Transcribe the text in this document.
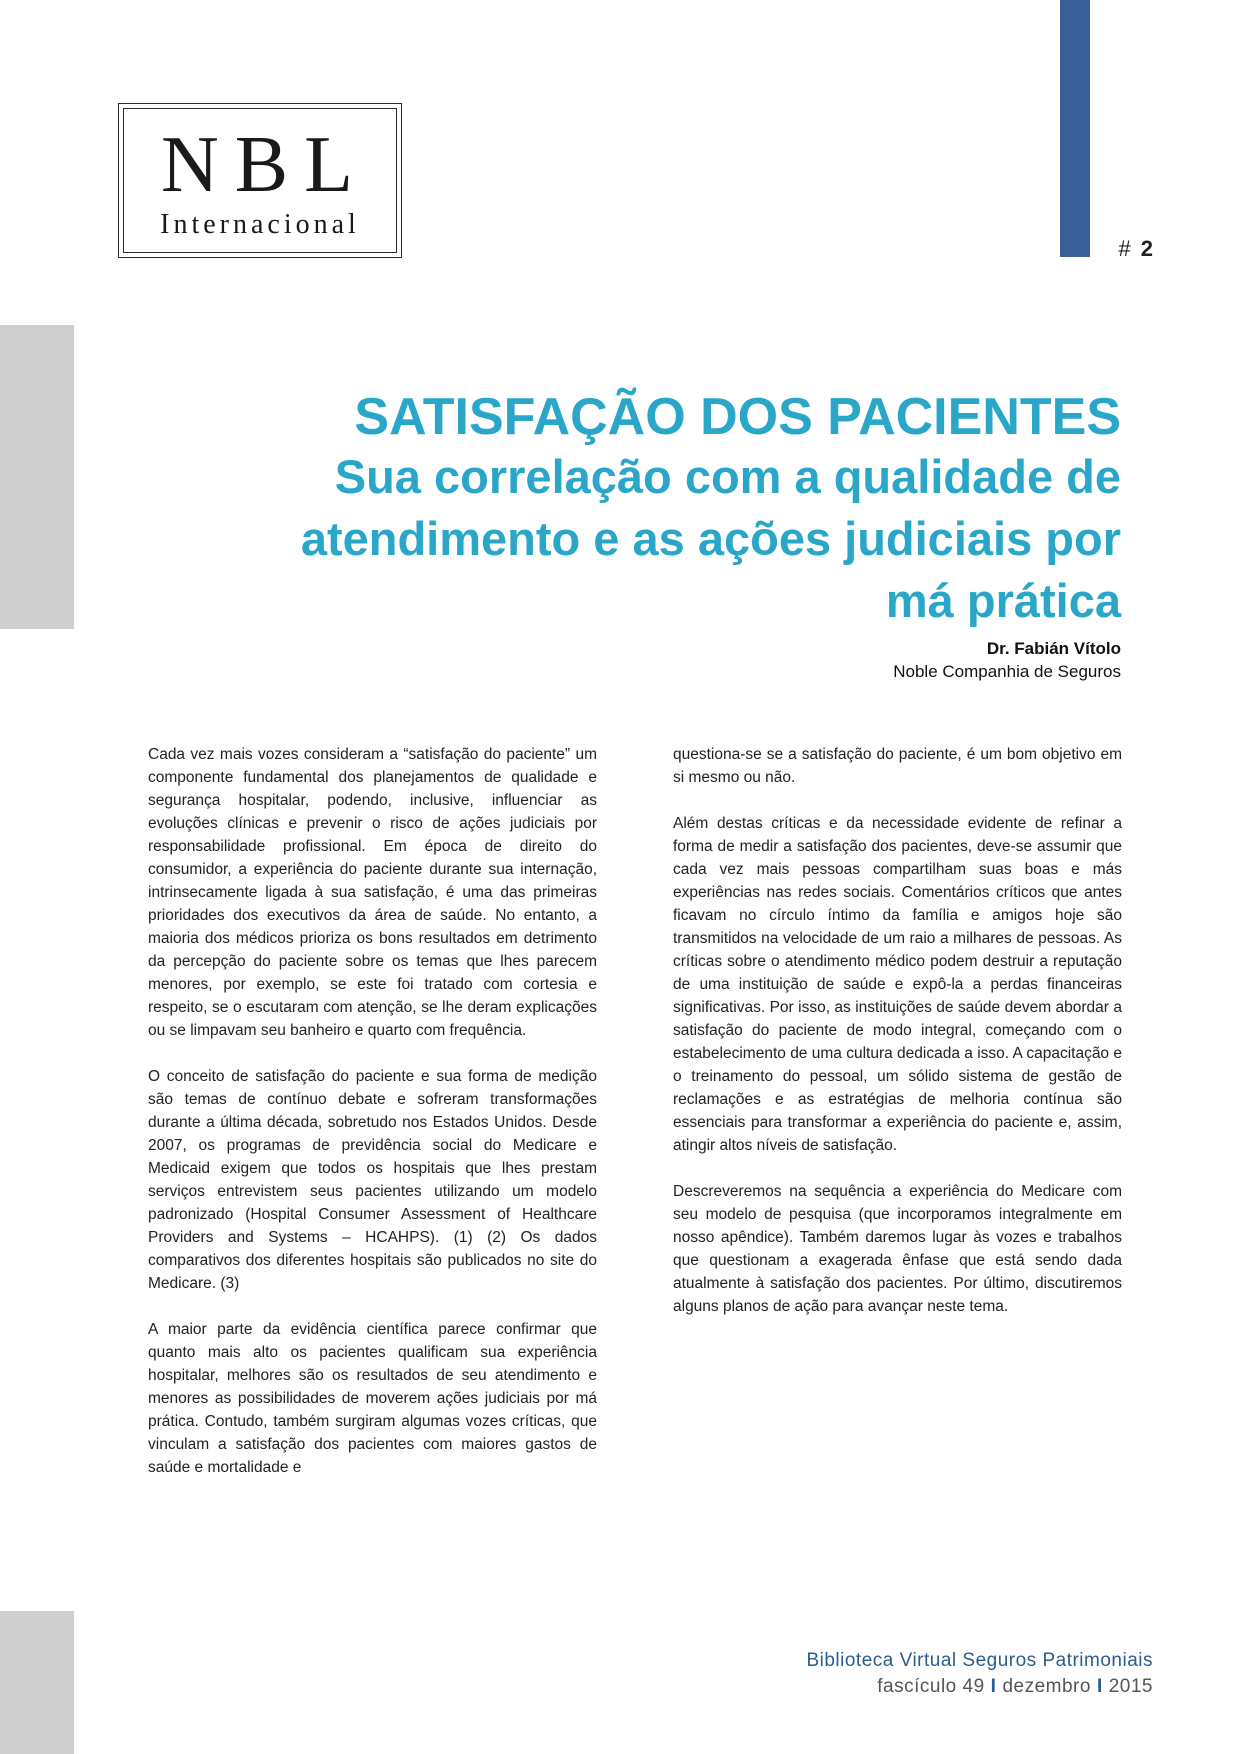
NBL
Internacional
# 2
SATISFAÇÃO DOS PACIENTES
Sua correlação com a qualidade de
atendimento e as ações judiciais por
má prática
Dr. Fabián Vítolo
Noble Companhia de Seguros

Cada vez mais vozes consideram a “satisfação do paciente” um componente fundamental dos planejamentos de qualidade e segurança hospitalar, podendo, inclusive, influenciar as evoluções clínicas e prevenir o risco de ações judiciais por responsabilidade profissional. Em época de direito do consumidor, a experiência do paciente durante sua internação, intrinsecamente ligada à sua satisfação, é uma das primeiras prioridades dos executivos da área de saúde. No entanto, a maioria dos médicos prioriza os bons resultados em detrimento da percepção do paciente sobre os temas que lhes parecem menores, por exemplo, se este foi tratado com cortesia e respeito, se o escutaram com atenção, se lhe deram explicações ou se limpavam seu banheiro e quarto com frequência.

O conceito de satisfação do paciente e sua forma de medição são temas de contínuo debate e sofreram transformações durante a última década, sobretudo nos Estados Unidos. Desde 2007, os programas de previdência social do Medicare e Medicaid exigem que todos os hospitais que lhes prestam serviços entrevistem seus pacientes utilizando um modelo padronizado (Hospital Consumer Assessment of Healthcare Providers and Systems – HCAHPS). (1) (2) Os dados comparativos dos diferentes hospitais são publicados no site do Medicare. (3)

A maior parte da evidência científica parece confirmar que quanto mais alto os pacientes qualificam sua experiência hospitalar, melhores são os resultados de seu atendimento e menores as possibilidades de moverem ações judiciais por má prática. Contudo, também surgiram algumas vozes críticas, que vinculam a satisfação dos pacientes com maiores gastos de saúde e mortalidade e

questiona-se se a satisfação do paciente, é um bom objetivo em si mesmo ou não.

Além destas críticas e da necessidade evidente de refinar a forma de medir a satisfação dos pacientes, deve-se assumir que cada vez mais pessoas compartilham suas boas e más experiências nas redes sociais. Comentários críticos que antes ficavam no círculo íntimo da família e amigos hoje são transmitidos na velocidade de um raio a milhares de pessoas. As críticas sobre o atendimento médico podem destruir a reputação de uma instituição de saúde e expô-la a perdas financeiras significativas. Por isso, as instituições de saúde devem abordar a satisfação do paciente de modo integral, começando com o estabelecimento de uma cultura dedicada a isso. A capacitação e o treinamento do pessoal, um sólido sistema de gestão de reclamações e as estratégias de melhoria contínua são essenciais para transformar a experiência do paciente e, assim, atingir altos níveis de satisfação.

Descreveremos na sequência a experiência do Medicare com seu modelo de pesquisa (que incorporamos integralmente em nosso apêndice). Também daremos lugar às vozes e trabalhos que questionam a exagerada ênfase que está sendo dada atualmente à satisfação dos pacientes. Por último, discutiremos alguns planos de ação para avançar neste tema.

Biblioteca Virtual Seguros Patrimoniais
fascículo 49 I dezembro I 2015
